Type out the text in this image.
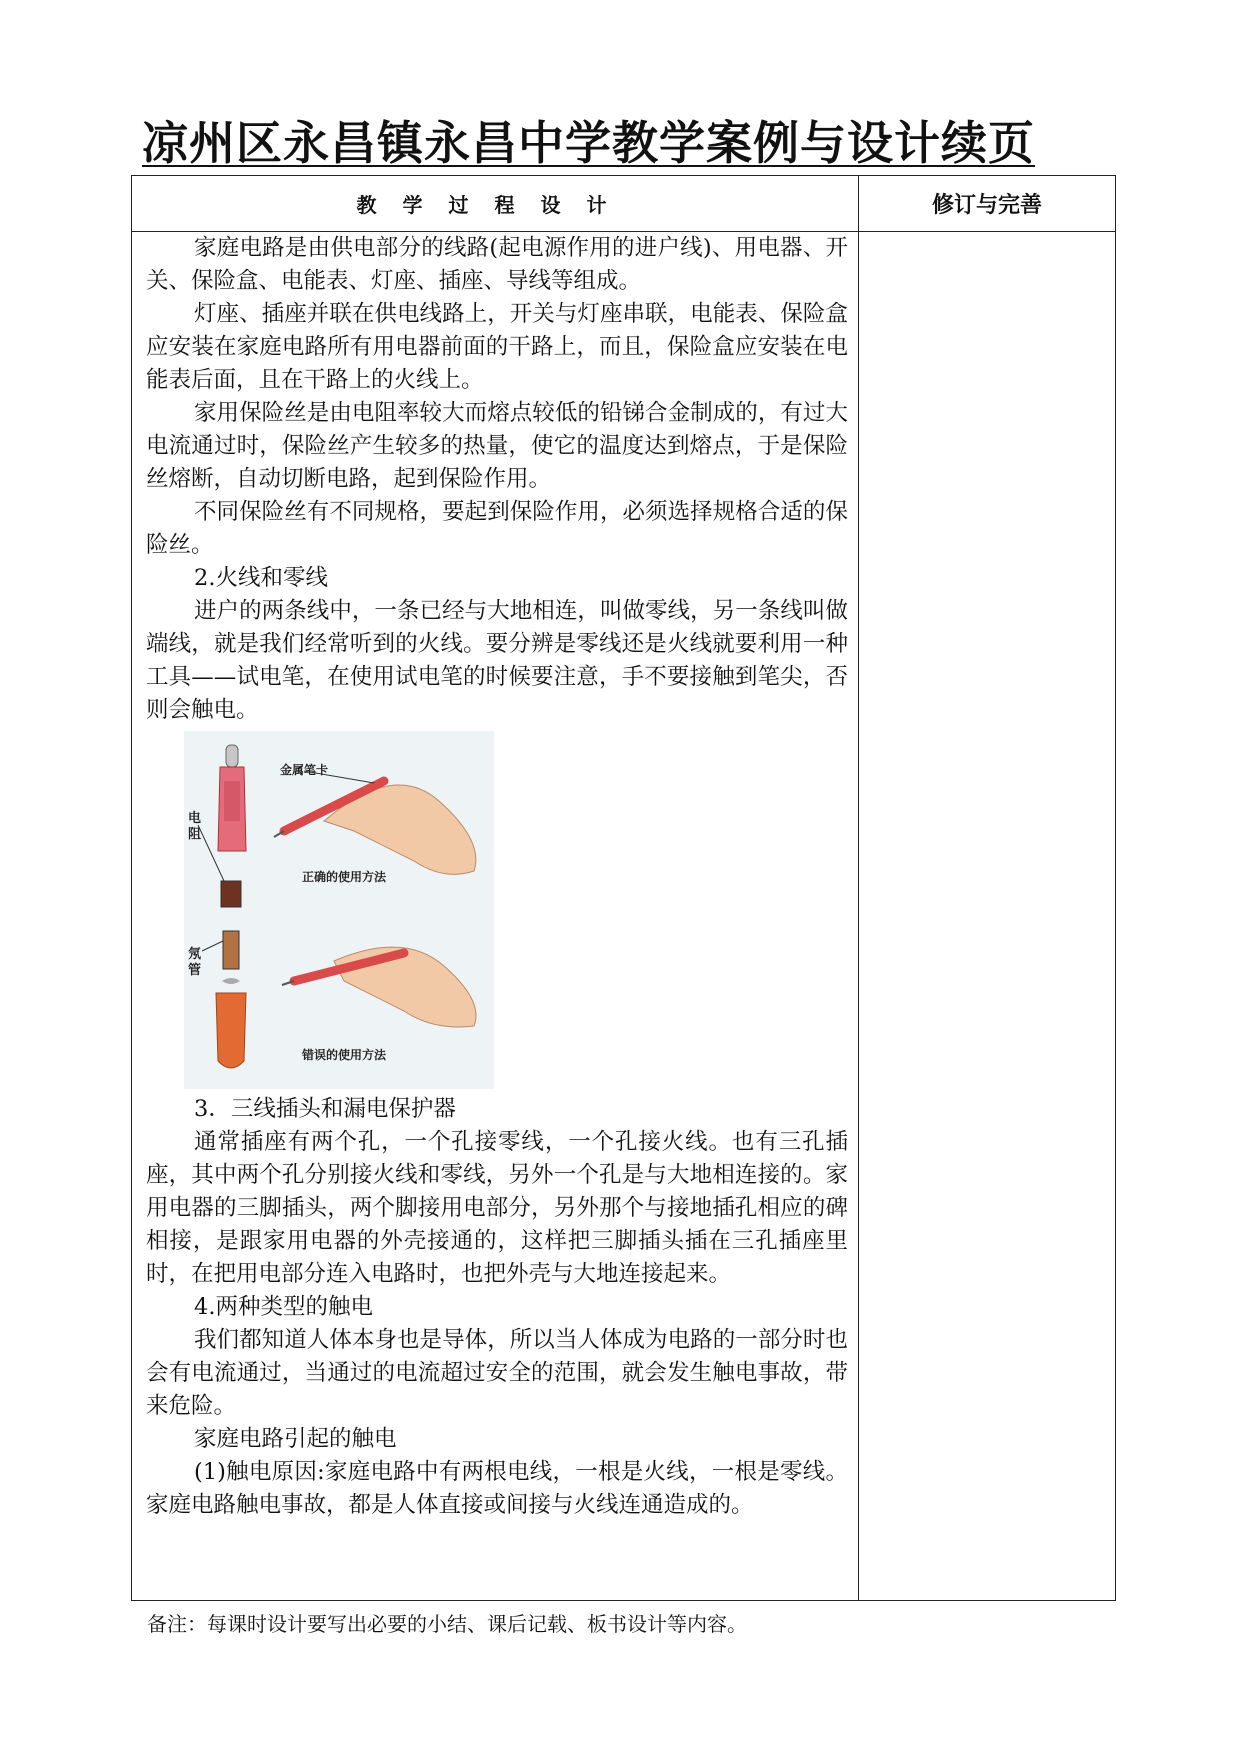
凉州区永昌镇永昌中学教学案例与设计续页
教学过程设计	修订与完善

家庭电路是由供电部分的线路(起电源作用的进户线)、用电器、开关、保险盒、电能表、灯座、插座、导线等组成。

灯座、插座并联在供电线路上，开关与灯座串联，电能表、保险盒应安装在家庭电路所有用电器前面的干路上，而且，保险盒应安装在电能表后面，且在干路上的火线上。

家用保险丝是由电阻率较大而熔点较低的铅锑合金制成的，有过大电流通过时，保险丝产生较多的热量，使它的温度达到熔点，于是保险丝熔断，自动切断电路，起到保险作用。

不同保险丝有不同规格，要起到保险作用，必须选择规格合适的保险丝。

2.火线和零线

进户的两条线中，一条已经与大地相连，叫做零线，另一条线叫做端线，就是我们经常听到的火线。要分辨是零线还是火线就要利用一种工具——试电笔，在使用试电笔的时候要注意，手不要接触到笔尖，否则会触电。

金属笔卡
电阻
氖管
正确的使用方法
错误的使用方法

3．三线插头和漏电保护器

通常插座有两个孔，一个孔接零线，一个孔接火线。也有三孔插座，其中两个孔分别接火线和零线，另外一个孔是与大地相连接的。家用电器的三脚插头，两个脚接用电部分，另外那个与接地插孔相应的碑相接，是跟家用电器的外壳接通的，这样把三脚插头插在三孔插座里时，在把用电部分连入电路时，也把外壳与大地连接起来。

4.两种类型的触电

我们都知道人体本身也是导体，所以当人体成为电路的一部分时也会有电流通过，当通过的电流超过安全的范围，就会发生触电事故，带来危险。

家庭电路引起的触电

(1)触电原因:家庭电路中有两根电线，一根是火线，一根是零线。家庭电路触电事故，都是人体直接或间接与火线连通造成的。

备注：每课时设计要写出必要的小结、课后记载、板书设计等内容。
